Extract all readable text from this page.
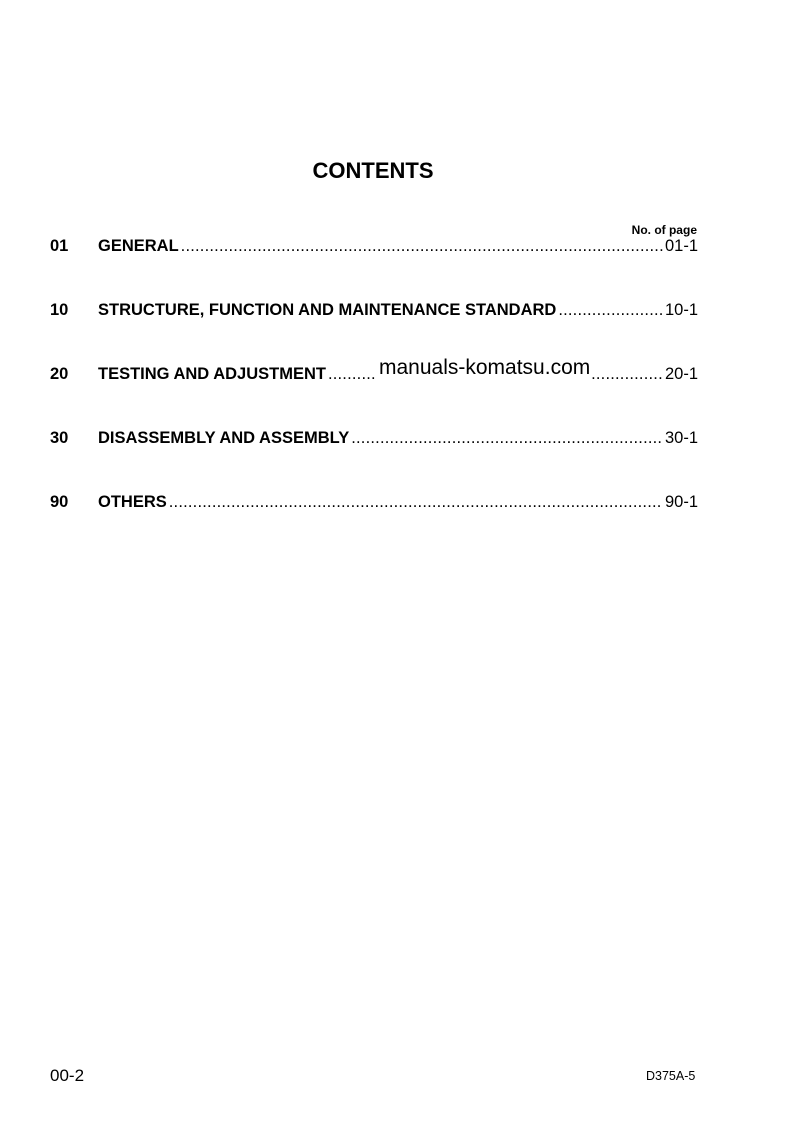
CONTENTS
No. of page
01	GENERAL .....	01-1
10	STRUCTURE, FUNCTION AND MAINTENANCE STANDARD .....	10-1
20	TESTING AND ADJUSTMENT .....	20-1
30	DISASSEMBLY AND ASSEMBLY .....	30-1
90	OTHERS .....	90-1
manuals-komatsu.com
00-2	D375A-5
